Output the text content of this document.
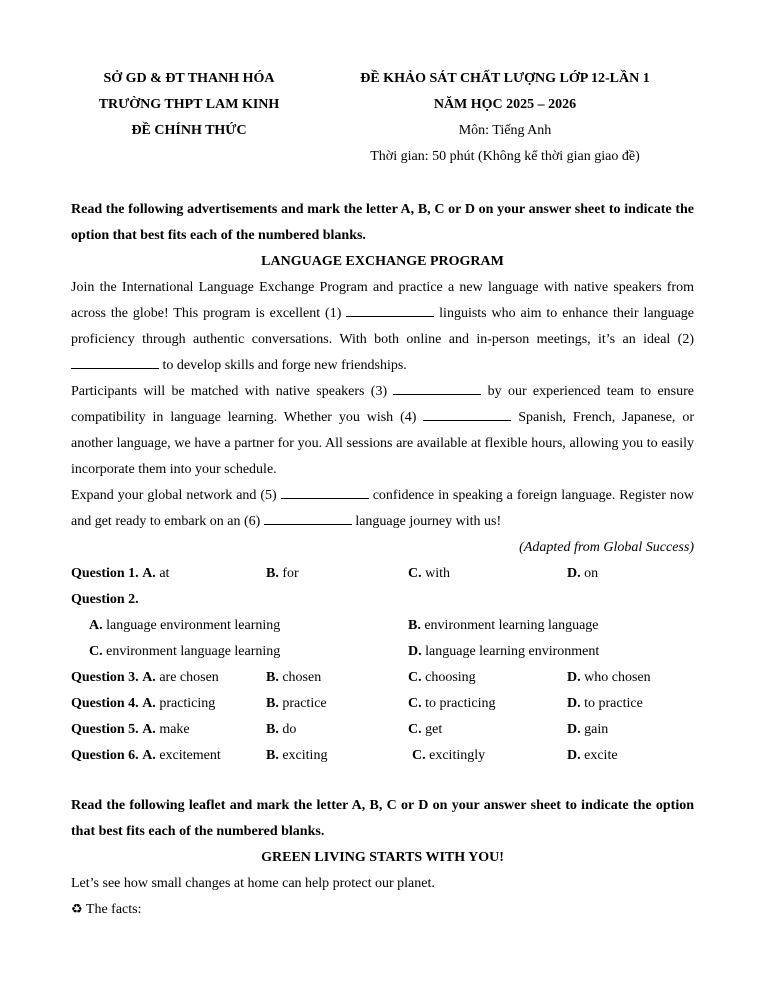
SỞ GD & ĐT THANH HÓA
TRƯỜNG THPT LAM KINH
ĐỀ CHÍNH THỨC
ĐỀ KHẢO SÁT CHẤT LƯỢNG LỚP 12-LẦN 1
NĂM HỌC 2025 – 2026
Môn: Tiếng Anh
Thời gian: 50 phút (Không kể thời gian giao đề)

Read the following advertisements and mark the letter A, B, C or D on your answer sheet to indicate the option that best fits each of the numbered blanks.

LANGUAGE EXCHANGE PROGRAM

Join the International Language Exchange Program and practice a new language with native speakers from across the globe! This program is excellent (1)	linguists who aim to enhance their language proficiency through authentic conversations. With both online and in-person meetings, it’s an ideal (2)  to develop skills and forge new friendships.

Participants will be matched with native speakers (3)	by our experienced team to ensure compatibility in language learning. Whether you wish (4)	Spanish, French, Japanese, or another language, we have a partner for you. All sessions are available at flexible hours, allowing you to easily incorporate them into your schedule.

Expand your global network and (5)	confidence in speaking a foreign language. Register now and get ready to embark on an (6)	language journey with us!

(Adapted from Global Success)

Question 1. A. at	B. for	C. with	D. on
Question 2.
A. language environment learning	B. environment learning language
C. environment language learning	D. language learning environment
Question 3. A. are chosen	B. chosen	C. choosing	D. who chosen
Question 4. A. practicing	B. practice	C. to practicing	D. to practice
Question 5. A. make	B. do	C. get	D. gain
Question 6. A. excitement	B. exciting	C. excitingly	D. excite

Read the following leaflet and mark the letter A, B, C or D on your answer sheet to indicate the option that best fits each of the numbered blanks.

GREEN LIVING STARTS WITH YOU!

Let’s see how small changes at home can help protect our planet.

♻ The facts:
